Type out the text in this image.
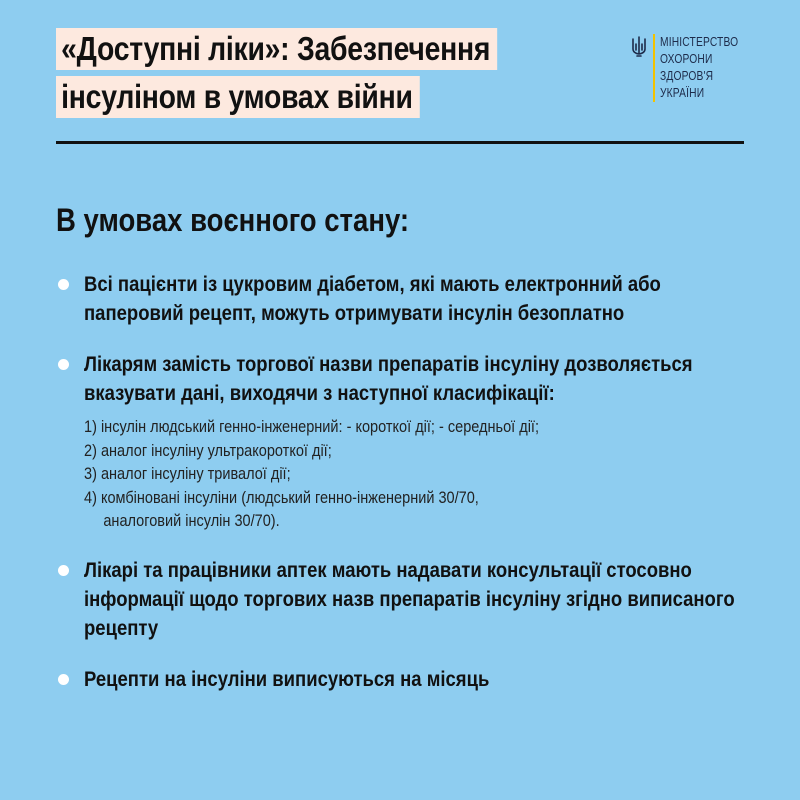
«Доступні ліки»: Забезпечення
інсуліном в умовах війни
МІНІСТЕРСТВО
ОХОРОНИ
ЗДОРОВ'Я
УКРАЇНИ
В умовах воєнного стану:
Всі пацієнти із цукровим діабетом, які мають електронний або паперовий рецепт, можуть отримувати інсулін безоплатно
Лікарям замість торгової назви препаратів інсуліну дозволяється вказувати дані, виходячи з наступної класифікації:
1) інсулін людський генно-інженерний: - короткої дії; - середньої дії;
2) аналог інсуліну ультракороткої дії;
3) аналог інсуліну тривалої дії;
4) комбіновані інсуліни (людський генно-інженерний 30/70,
аналоговий інсулін 30/70).
Лікарі та працівники аптек мають надавати консультації стосовно інформації щодо торгових назв препаратів інсуліну згідно виписаного рецепту
Рецепти на інсуліни виписуються на місяць
